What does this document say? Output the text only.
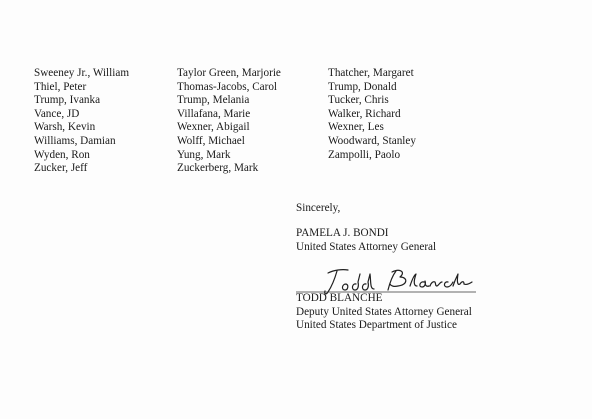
Sweeney Jr., William
Thiel, Peter
Trump, Ivanka
Vance, JD
Warsh, Kevin
Williams, Damian
Wyden, Ron
Zucker, Jeff
Taylor Green, Marjorie
Thomas-Jacobs, Carol
Trump, Melania
Villafana, Marie
Wexner, Abigail
Wolff, Michael
Yung, Mark
Zuckerberg, Mark
Thatcher, Margaret
Trump, Donald
Tucker, Chris
Walker, Richard
Wexner, Les
Woodward, Stanley
Zampolli, Paolo
Sincerely,
PAMELA J. BONDI
United States Attorney General
TODD BLANCHE
Deputy United States Attorney General
United States Department of Justice
